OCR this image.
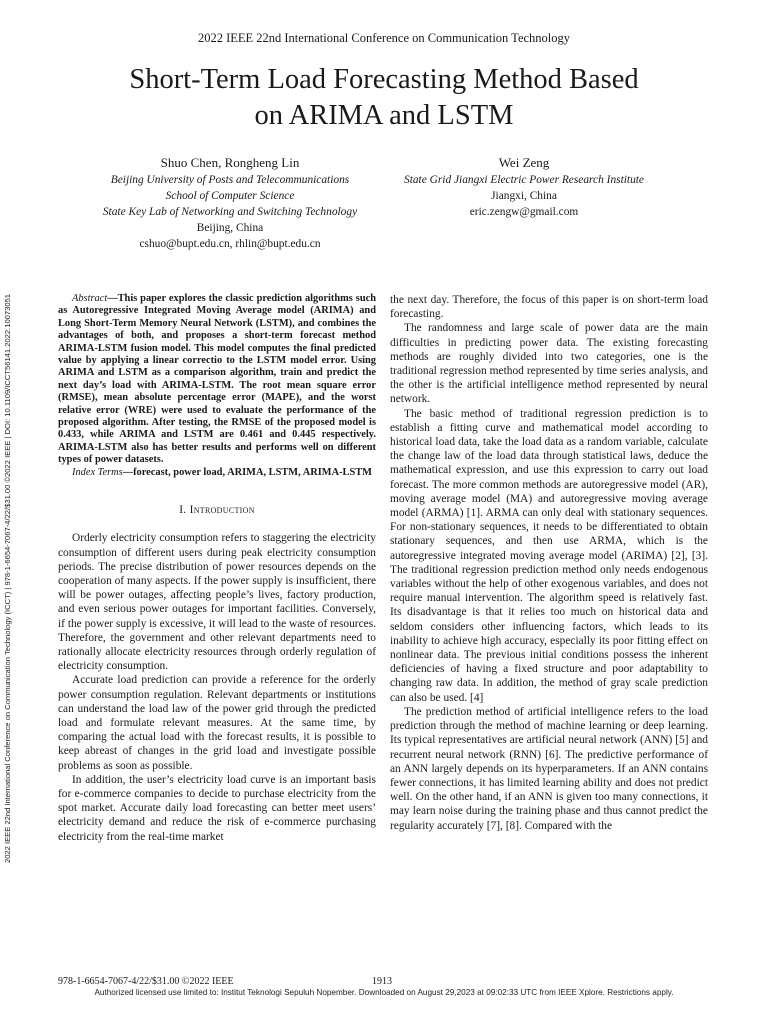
2022 IEEE 22nd International Conference on Communication Technology
Short-Term Load Forecasting Method Based
on ARIMA and LSTM
Shuo Chen, Rongheng Lin
Beijing University of Posts and Telecommunications
School of Computer Science
State Key Lab of Networking and Switching Technology
Beijing, China
cshuo@bupt.edu.cn, rhlin@bupt.edu.cn
Wei Zeng
State Grid Jiangxi Electric Power Research Institute
Jiangxi, China
eric.zengw@gmail.com
2022 IEEE 22nd International Conference on Communication Technology (ICCT) | 978-1-6654-7067-4/22/$31.00 ©2022 IEEE | DOI: 10.1109/ICCT56141.2022.10073051	Abstract—This paper explores the classic prediction algorithms such as Autoregressive Integrated Moving Average model (ARIMA) and Long Short-Term Memory Neural Network (LSTM), and combines the advantages of both, and proposes a short-term forecast method ARIMA-LSTM fusion model. This model computes the final predicted value by applying a linear correctio to the LSTM model error. Using ARIMA and LSTM as a comparison algorithm, train and predict the next day’s load with ARIMA-LSTM. The root mean square error (RMSE), mean absolute percentage error (MAPE), and the worst relative error (WRE) were used to evaluate the performance of the proposed algorithm. After testing, the RMSE of the proposed model is 0.433, while ARIMA and LSTM are 0.461 and 0.445 respectively. ARIMA-LSTM also has better results and performs well on different types of power datasets.

Index Terms—forecast, power load, ARIMA, LSTM, ARIMA-LSTM

I. Introduction

Orderly electricity consumption refers to staggering the electricity consumption of different users during peak electricity consumption periods. The precise distribution of power resources depends on the cooperation of many aspects. If the power supply is insufficient, there will be power outages, affecting people’s lives, factory production, and even serious power outages for important facilities. Conversely, if the power supply is excessive, it will lead to the waste of resources. Therefore, the government and other relevant departments need to rationally allocate electricity resources through orderly regulation of electricity consumption.

Accurate load prediction can provide a reference for the orderly power consumption regulation. Relevant departments or institutions can understand the load law of the power grid through the predicted load and formulate relevant measures. At the same time, by comparing the actual load with the forecast results, it is possible to keep abreast of changes in the grid load and investigate possible problems as soon as possible.

In addition, the user’s electricity load curve is an important basis for e-commerce companies to decide to purchase electricity from the spot market. Accurate daily load forecasting can better meet users’ electricity demand and reduce the risk of e-commerce purchasing electricity from the real-time market

the next day. Therefore, the focus of this paper is on short-term load forecasting.

The randomness and large scale of power data are the main difficulties in predicting power data. The existing forecasting methods are roughly divided into two categories, one is the traditional regression method represented by time series analysis, and the other is the artificial intelligence method represented by neural network.

The basic method of traditional regression prediction is to establish a fitting curve and mathematical model according to historical load data, take the load data as a random variable, calculate the change law of the load data through statistical laws, deduce the mathematical expression, and use this expression to carry out load forecast. The more common methods are autoregressive model (AR), moving average model (MA) and autoregressive moving average model (ARMA) [1]. ARMA can only deal with stationary sequences. For non-stationary sequences, it needs to be differentiated to obtain stationary sequences, and then use ARMA, which is the autoregressive integrated moving average model (ARIMA) [2], [3]. The traditional regression prediction method only needs endogenous variables without the help of other exogenous variables, and does not require manual intervention. The algorithm speed is relatively fast. Its disadvantage is that it relies too much on historical data and seldom considers other influencing factors, which leads to its inability to achieve high accuracy, especially its poor fitting effect on nonlinear data. The previous initial conditions possess the inherent deficiencies of having a fixed structure and poor adaptability to changing raw data. In addition, the method of gray scale prediction can also be used. [4]

The prediction method of artificial intelligence refers to the load prediction through the method of machine learning or deep learning. Its typical representatives are artificial neural network (ANN) [5] and recurrent neural network (RNN) [6]. The predictive performance of an ANN largely depends on its hyperparameters. If an ANN contains fewer connections, it has limited learning ability and does not predict well. On the other hand, if an ANN is given too many connections, it may learn noise during the training phase and thus cannot predict the regularity accurately [7], [8]. Compared with the

978-1-6654-7067-4/22/$31.00 ©2022 IEEE	1913
Authorized licensed use limited to: Institut Teknologi Sepuluh Nopember. Downloaded on August 29,2023 at 09:02:33 UTC from IEEE Xplore. Restrictions apply.
